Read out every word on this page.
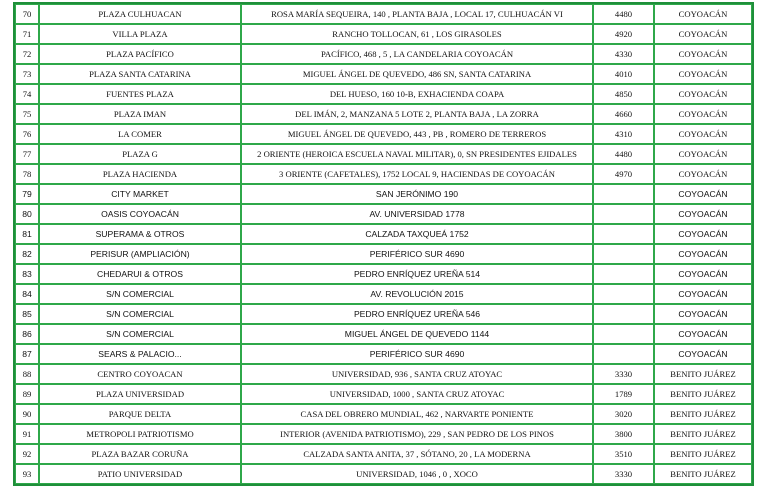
70	PLAZA CULHUACAN	ROSA MARÍA SEQUEIRA, 140 , PLANTA BAJA , LOCAL 17, CULHUACÁN VI	4480	COYOACÁN
71	VILLA PLAZA	RANCHO TOLLOCAN, 61 , LOS GIRASOLES	4920	COYOACÁN
72	PLAZA PACÍFICO	PACÍFICO, 468 , 5 , LA CANDELARIA COYOACÁN	4330	COYOACÁN
73	PLAZA SANTA CATARINA	MIGUEL ÁNGEL DE QUEVEDO, 486 SN, SANTA CATARINA	4010	COYOACÁN
74	FUENTES PLAZA	DEL HUESO, 160 10-B, EXHACIENDA COAPA	4850	COYOACÁN
75	PLAZA IMAN	DEL IMÁN, 2, MANZANA 5 LOTE 2, PLANTA BAJA , LA ZORRA	4660	COYOACÁN
76	LA COMER	MIGUEL ÁNGEL DE QUEVEDO, 443 , PB , ROMERO DE TERREROS	4310	COYOACÁN
77	PLAZA G	2 ORIENTE (HEROICA ESCUELA NAVAL MILITAR), 0, SN PRESIDENTES EJIDALES	4480	COYOACÁN
78	PLAZA HACIENDA	3 ORIENTE (CAFETALES), 1752 LOCAL 9, HACIENDAS DE COYOACÁN	4970	COYOACÁN
79	CITY MARKET	SAN JERÓNIMO 190		COYOACÁN
80	OASIS COYOACÁN	AV. UNIVERSIDAD 1778		COYOACÁN
81	SUPERAMA & OTROS	CALZADA TAXQUEÁ 1752		COYOACÁN
82	PERISUR (AMPLIACIÓN)	PERIFÉRICO SUR 4690		COYOACÁN
83	CHEDARUI & OTROS	PEDRO ENRÍQUEZ UREÑA 514		COYOACÁN
84	S/N COMERCIAL	AV. REVOLUCIÓN 2015		COYOACÁN
85	S/N COMERCIAL	PEDRO ENRÍQUEZ UREÑA 546		COYOACÁN
86	S/N COMERCIAL	MIGUEL ÁNGEL DE QUEVEDO 1144		COYOACÁN
87	SEARS & PALACIO...	PERIFÉRICO SUR 4690		COYOACÁN
88	CENTRO COYOACAN	UNIVERSIDAD, 936 , SANTA CRUZ ATOYAC	3330	BENITO JUÁREZ
89	PLAZA UNIVERSIDAD	UNIVERSIDAD, 1000 , SANTA CRUZ ATOYAC	1789	BENITO JUÁREZ
90	PARQUE DELTA	CASA DEL OBRERO MUNDIAL, 462 , NARVARTE PONIENTE	3020	BENITO JUÁREZ
91	METROPOLI PATRIOTISMO	INTERIOR (AVENIDA PATRIOTISMO), 229 , SAN PEDRO DE LOS PINOS	3800	BENITO JUÁREZ
92	PLAZA BAZAR CORUÑA	CALZADA SANTA ANITA, 37 , SÓTANO, 20 , LA MODERNA	3510	BENITO JUÁREZ
93	PATIO UNIVERSIDAD	UNIVERSIDAD, 1046 , 0 , XOCO	3330	BENITO JUÁREZ
